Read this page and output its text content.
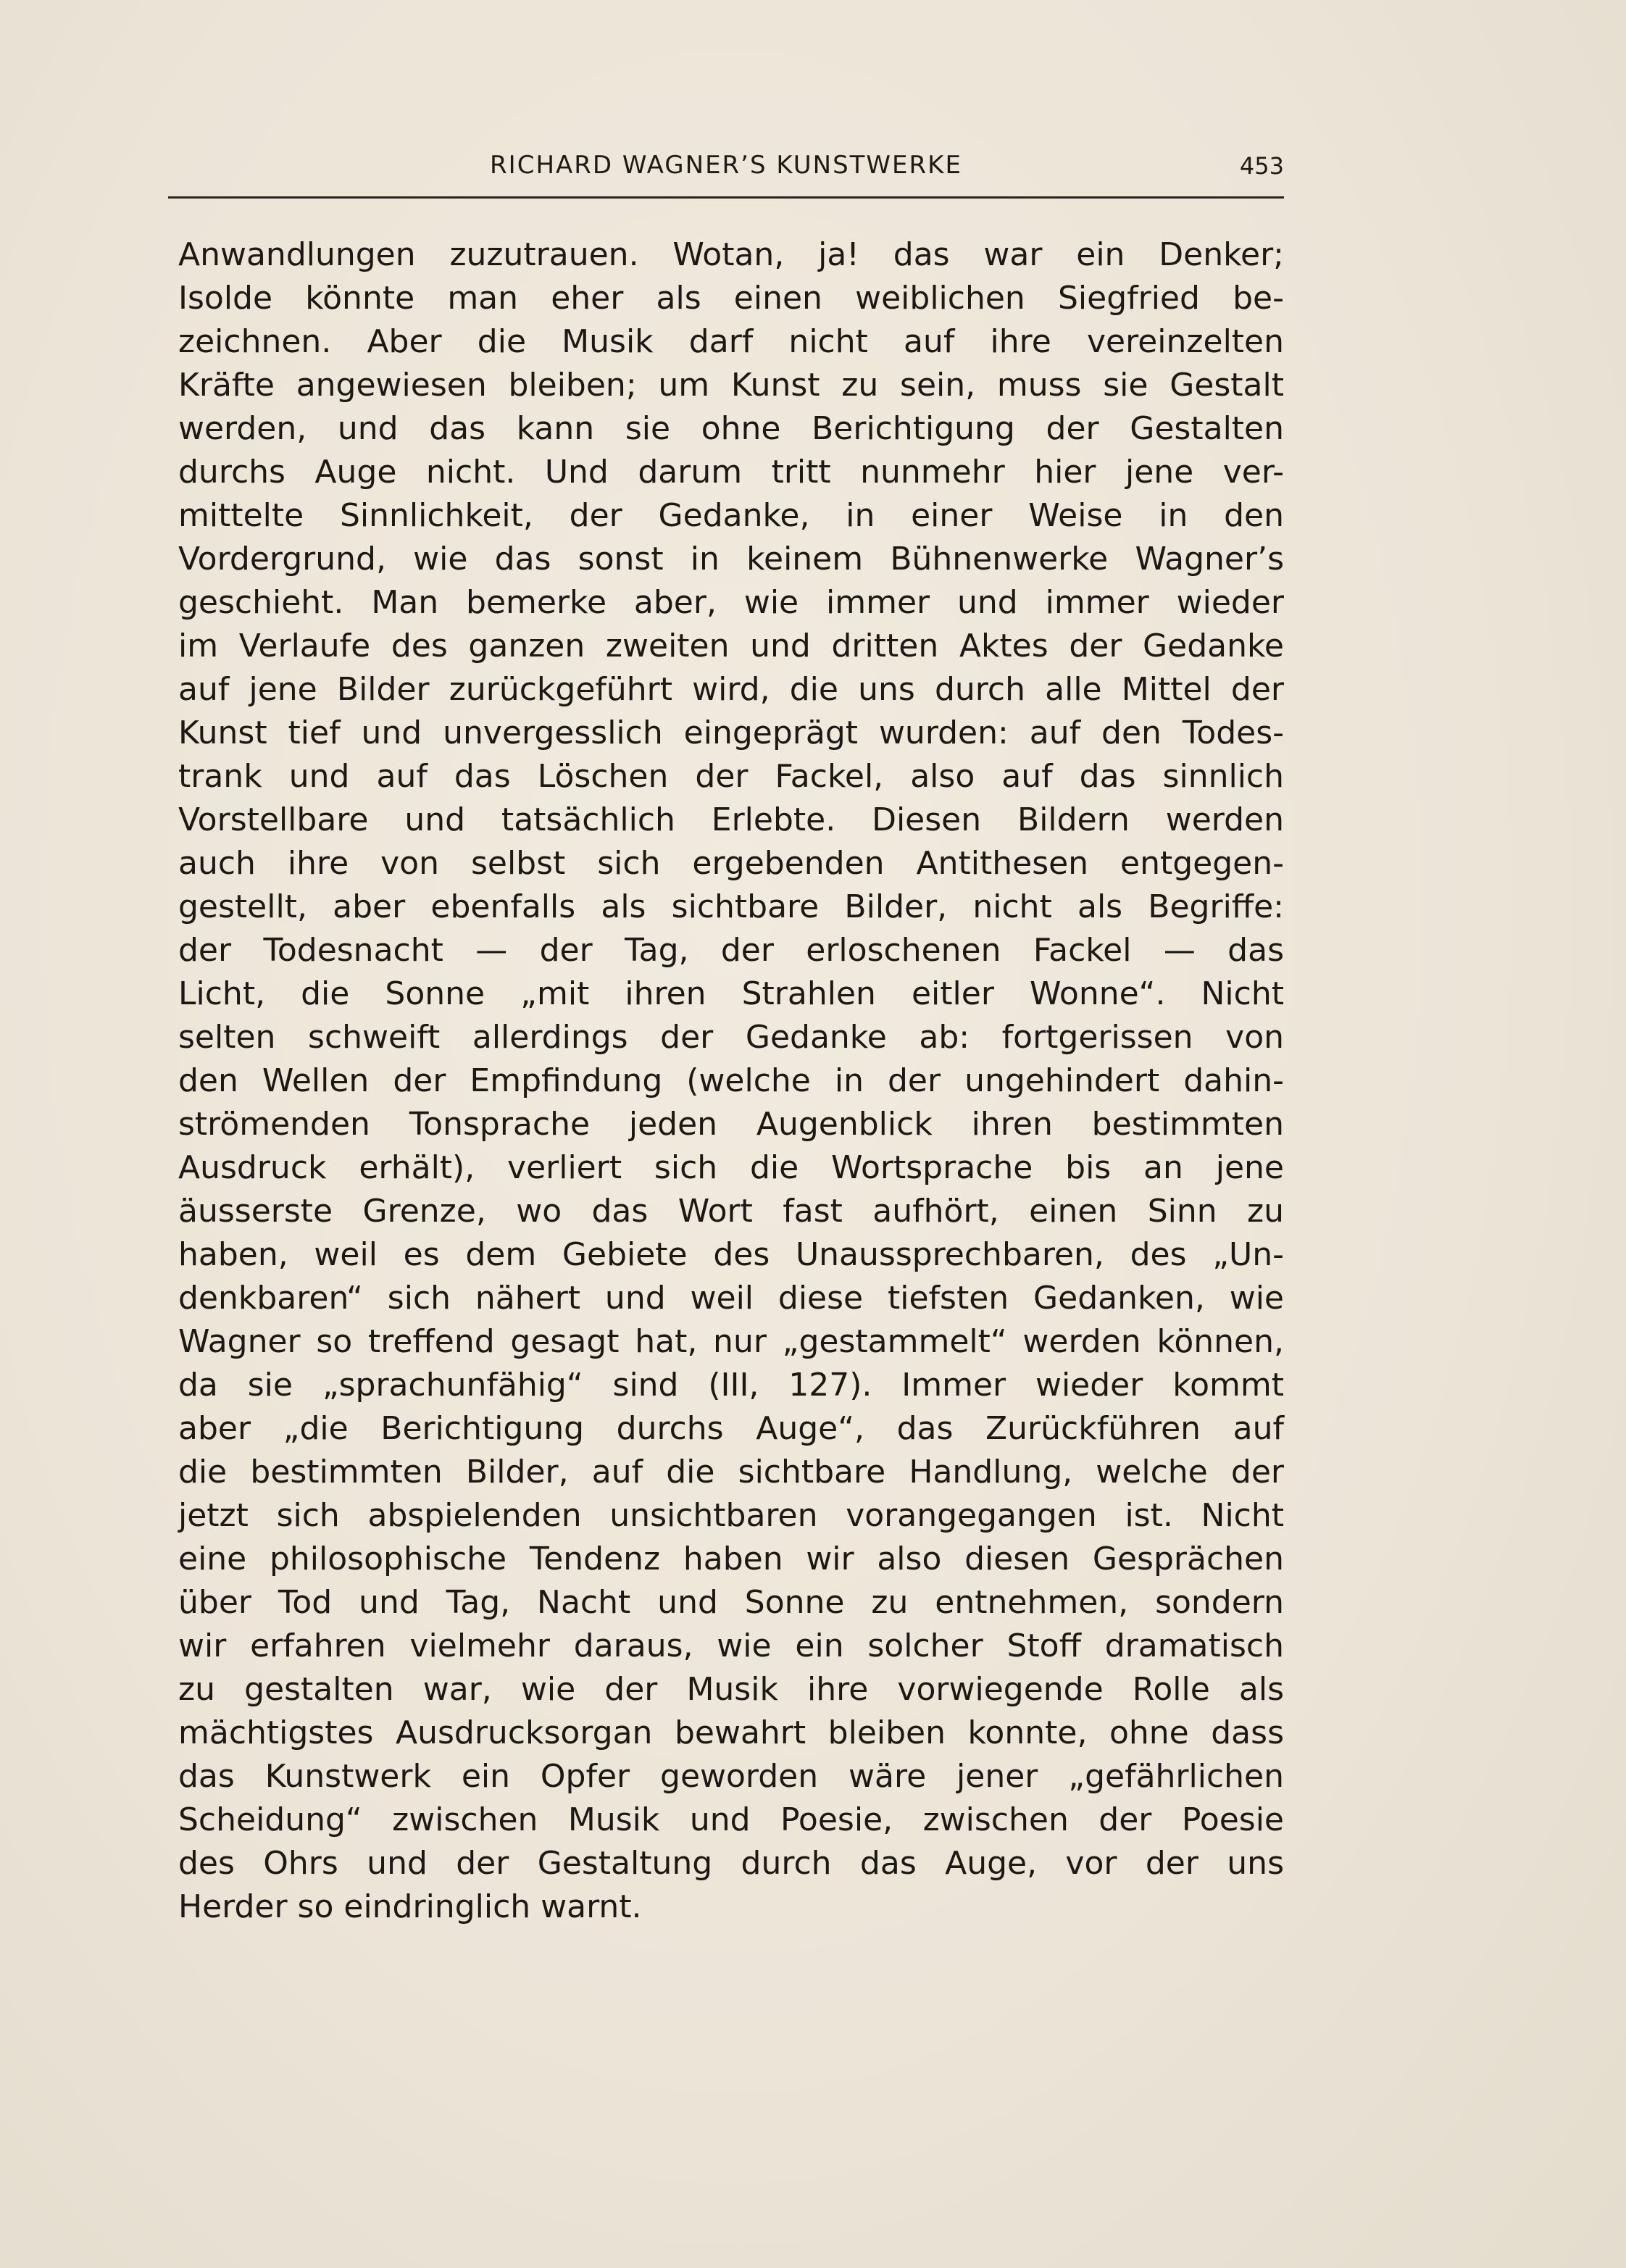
RICHARD WAGNER’S KUNSTWERKE	453
Anwandlungen zuzutrauen. Wotan, ja! das war ein Denker;
Isolde könnte man eher als einen weiblichen Siegfried be-
zeichnen. Aber die Musik darf nicht auf ihre vereinzelten
Kräfte angewiesen bleiben; um Kunst zu sein, muss sie Gestalt
werden, und das kann sie ohne Berichtigung der Gestalten
durchs Auge nicht. Und darum tritt nunmehr hier jene ver-
mittelte Sinnlichkeit, der Gedanke, in einer Weise in den
Vordergrund, wie das sonst in keinem Bühnenwerke Wagner’s
geschieht. Man bemerke aber, wie immer und immer wieder
im Verlaufe des ganzen zweiten und dritten Aktes der Gedanke
auf jene Bilder zurückgeführt wird, die uns durch alle Mittel der
Kunst tief und unvergesslich eingeprägt wurden: auf den Todes-
trank und auf das Löschen der Fackel, also auf das sinnlich
Vorstellbare und tatsächlich Erlebte. Diesen Bildern werden
auch ihre von selbst sich ergebenden Antithesen entgegen-
gestellt, aber ebenfalls als sichtbare Bilder, nicht als Begriffe:
der Todesnacht — der Tag, der erloschenen Fackel — das
Licht, die Sonne „mit ihren Strahlen eitler Wonne“. Nicht
selten schweift allerdings der Gedanke ab: fortgerissen von
den Wellen der Empfindung (welche in der ungehindert dahin-
strömenden Tonsprache jeden Augenblick ihren bestimmten
Ausdruck erhält), verliert sich die Wortsprache bis an jene
äusserste Grenze, wo das Wort fast aufhört, einen Sinn zu
haben, weil es dem Gebiete des Unaussprechbaren, des „Un-
denkbaren“ sich nähert und weil diese tiefsten Gedanken, wie
Wagner so treffend gesagt hat, nur „gestammelt“ werden können,
da sie „sprachunfähig“ sind (III, 127). Immer wieder kommt
aber „die Berichtigung durchs Auge“, das Zurückführen auf
die bestimmten Bilder, auf die sichtbare Handlung, welche der
jetzt sich abspielenden unsichtbaren vorangegangen ist. Nicht
eine philosophische Tendenz haben wir also diesen Gesprächen
über Tod und Tag, Nacht und Sonne zu entnehmen, sondern
wir erfahren vielmehr daraus, wie ein solcher Stoff dramatisch
zu gestalten war, wie der Musik ihre vorwiegende Rolle als
mächtigstes Ausdrucksorgan bewahrt bleiben konnte, ohne dass
das Kunstwerk ein Opfer geworden wäre jener „gefährlichen
Scheidung“ zwischen Musik und Poesie, zwischen der Poesie
des Ohrs und der Gestaltung durch das Auge, vor der uns
Herder so eindringlich warnt.
